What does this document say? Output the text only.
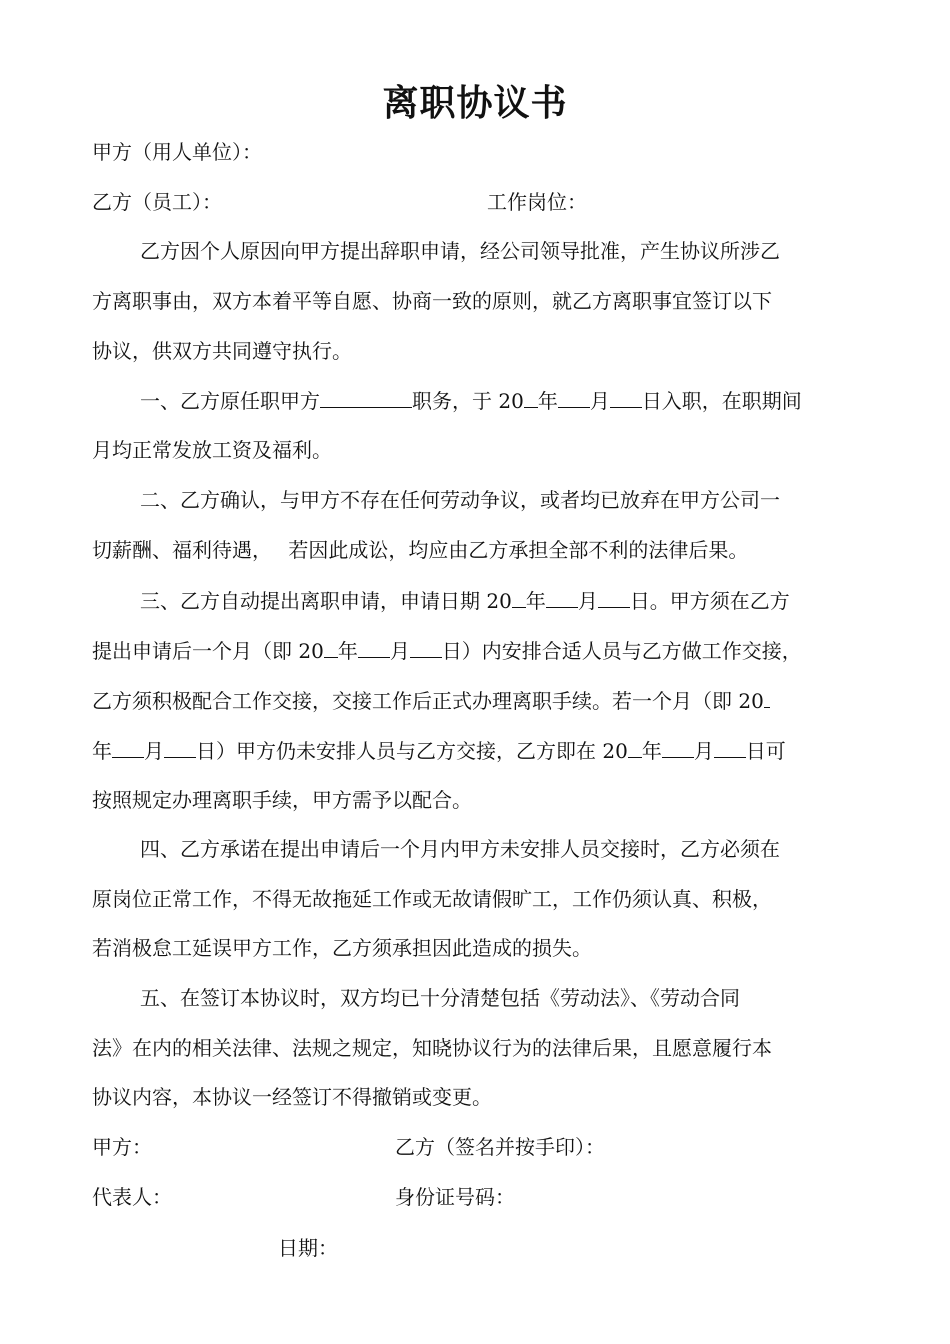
离职协议书
甲方（用人单位）：
乙方（员工）：	工作岗位：
乙方因个人原因向甲方提出辞职申请，经公司领导批准，产生协议所涉乙
方离职事由，双方本着平等自愿、协商一致的原则，就乙方离职事宜签订以下
协议，供双方共同遵守执行。
一、乙方原任职甲方	职务，于 20 年 月 日入职，在职期间
月均正常发放工资及福利。
二、乙方确认，与甲方不存在任何劳动争议，或者均已放弃在甲方公司一
切薪酬、福利待遇，　 若因此成讼，均应由乙方承担全部不利的法律后果。
三、乙方自动提出离职申请，申请日期 20 年 月 日。甲方须在乙方
提出申请后一个月（即 20 年 月 日）内安排合适人员与乙方做工作交接，
乙方须积极配合工作交接，交接工作后正式办理离职手续。若一个月（即 20
年 月 日）甲方仍未安排人员与乙方交接，乙方即在 20 年 月 日可
按照规定办理离职手续，甲方需予以配合。
四、乙方承诺在提出申请后一个月内甲方未安排人员交接时，乙方必须在
原岗位正常工作，不得无故拖延工作或无故请假旷工，工作仍须认真、积极，
若消极怠工延误甲方工作，乙方须承担因此造成的损失。
五、在签订本协议时，双方均已十分清楚包括《劳动法》、《劳动合同
法》在内的相关法律、法规之规定，知晓协议行为的法律后果，且愿意履行本
协议内容，本协议一经签订不得撤销或变更。
甲方：	乙方（签名并按手印）：
代表人：	身份证号码：
日期：
